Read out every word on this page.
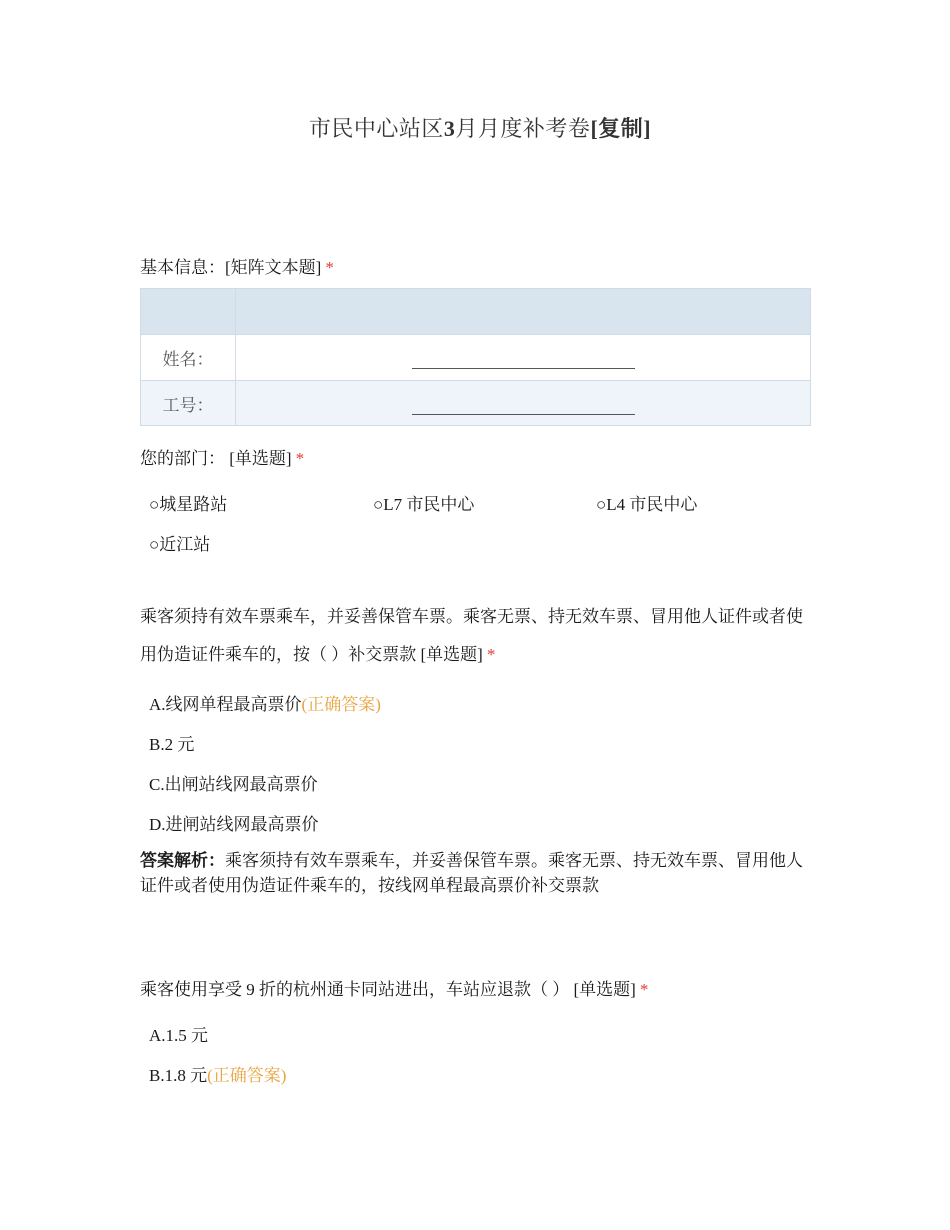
市民中心站区3月月度补考卷[复制]
基本信息：[矩阵文本题] *

姓名：	
工号：	
您的部门： [单选题] *
○城星路站	○L7 市民中心	○L4 市民中心
○近江站
乘客须持有效车票乘车，并妥善保管车票。乘客无票、持无效车票、冒用他人证件或者使用伪造证件乘车的，按（ ）补交票款 [单选题] *
A.线网单程最高票价(正确答案)
B.2 元
C.出闸站线网最高票价
D.进闸站线网最高票价
答案解析：乘客须持有效车票乘车，并妥善保管车票。乘客无票、持无效车票、冒用他人证件或者使用伪造证件乘车的，按线网单程最高票价补交票款
乘客使用享受 9 折的杭州通卡同站进出，车站应退款（ ） [单选题] *
A.1.5 元
B.1.8 元(正确答案)
